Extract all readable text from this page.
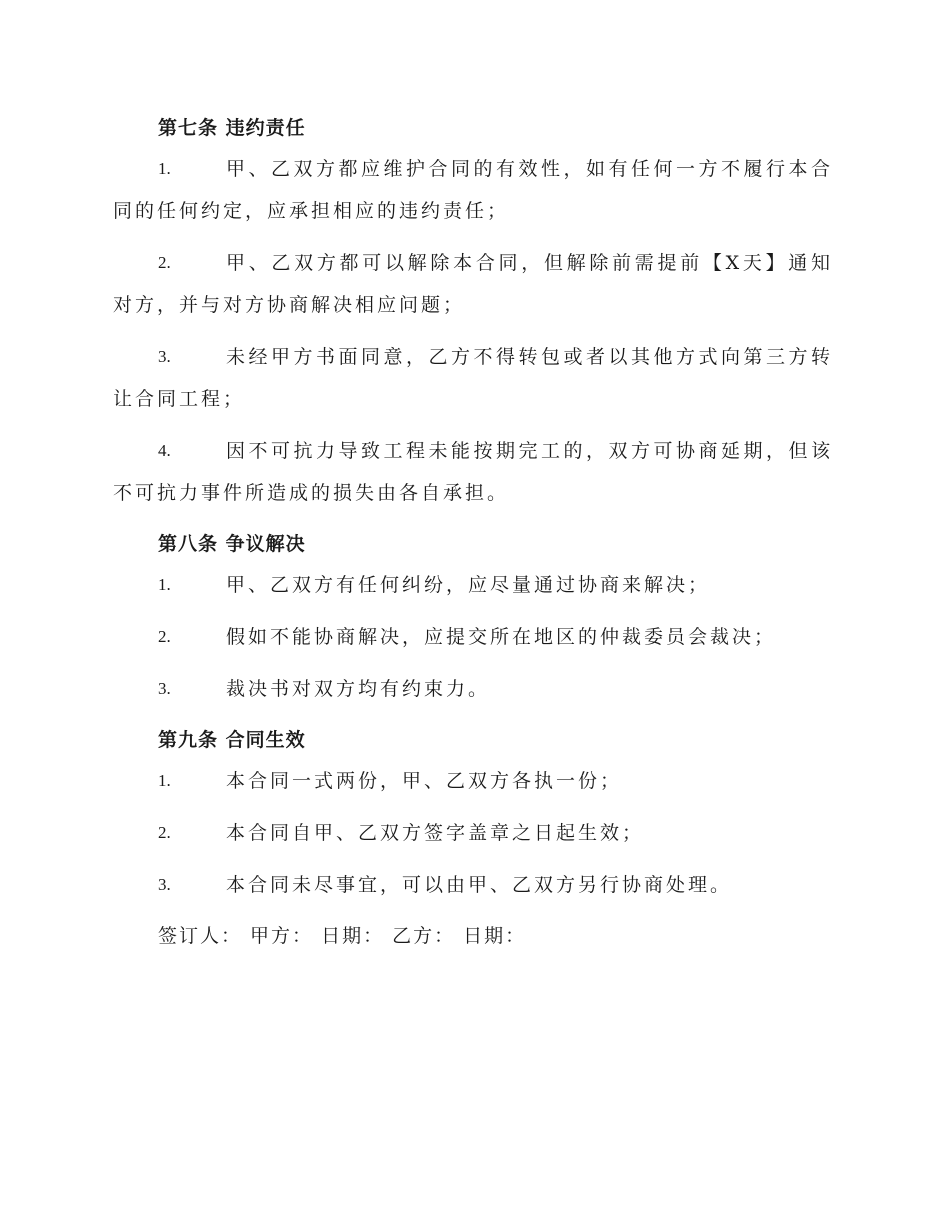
第七条 违约责任

1.	甲、乙双方都应维护合同的有效性，如有任何一方不履行本合同的任何约定，应承担相应的违约责任；

2.	甲、乙双方都可以解除本合同，但解除前需提前【X天】通知对方，并与对方协商解决相应问题；

3.	未经甲方书面同意，乙方不得转包或者以其他方式向第三方转让合同工程；

4.	因不可抗力导致工程未能按期完工的，双方可协商延期，但该不可抗力事件所造成的损失由各自承担。

第八条 争议解决

1.	甲、乙双方有任何纠纷，应尽量通过协商来解决；

2.	假如不能协商解决，应提交所在地区的仲裁委员会裁决；

3.	裁决书对双方均有约束力。

第九条 合同生效

1.	本合同一式两份，甲、乙双方各执一份；

2.	本合同自甲、乙双方签字盖章之日起生效；

3.	本合同未尽事宜，可以由甲、乙双方另行协商处理。

签订人： 甲方： 日期： 乙方： 日期：
